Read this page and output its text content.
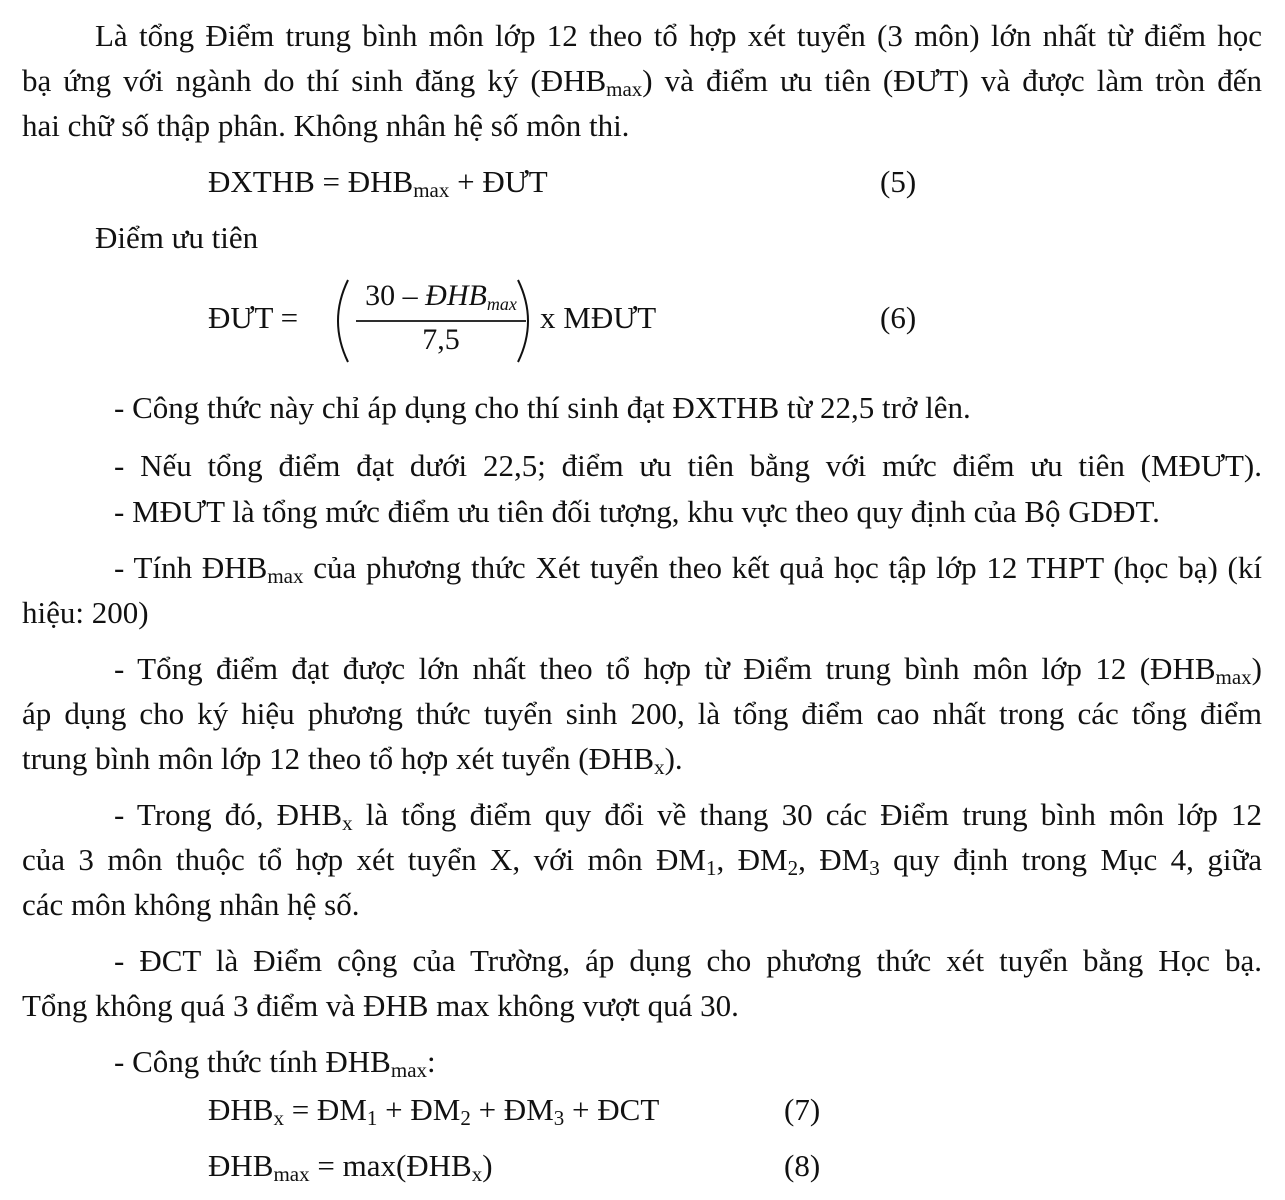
Là tổng Điểm trung bình môn lớp 12 theo tổ hợp xét tuyển (3 môn) lớn nhất từ điểm học
bạ ứng với ngành do thí sinh đăng ký $(ĐHB_{max})$ và điểm ưu tiên (ĐƯT) và được làm tròn đến
hai chữ số thập phân. Không nhân hệ số môn thi.
ĐXTHB = $ĐHB_{max}$ + ĐƯT	(5)
Điểm ưu tiên
ĐƯT =
$30 - ĐHB_{max}$
7,5
x MĐƯT	(6)
- Công thức này chỉ áp dụng cho thí sinh đạt ĐXTHB từ 22,5 trở lên.
- Nếu tổng điểm đạt dưới 22,5; điểm ưu tiên bằng với mức điểm ưu tiên (MĐƯT).
- MĐƯT là tổng mức điểm ưu tiên đối tượng, khu vực theo quy định của Bộ GDĐT.
- Tính $ĐHB_{max}$ của phương thức Xét tuyển theo kết quả học tập lớp 12 THPT (học bạ) (kí
hiệu: 200)
- Tổng điểm đạt được lớn nhất theo tổ hợp từ Điểm trung bình môn lớp 12 $(ĐHB_{max})$
áp dụng cho ký hiệu phương thức tuyển sinh 200, là tổng điểm cao nhất trong các tổng điểm
trung bình môn lớp 12 theo tổ hợp xét tuyển $(ĐHB_x)$.
- Trong đó, $ĐHB_x$ là tổng điểm quy đổi về thang 30 các Điểm trung bình môn lớp 12
của 3 môn thuộc tổ hợp xét tuyển X, với môn $ĐM_1$, $ĐM_2$, $ĐM_3$ quy định trong Mục 4, giữa
các môn không nhân hệ số.
- ĐCT là Điểm cộng của Trường, áp dụng cho phương thức xét tuyển bằng Học bạ.
Tổng không quá 3 điểm và ĐHB max không vượt quá 30.
- Công thức tính $ĐHB_{max}$:
$ĐHB_x$ = $ĐM_1$ + $ĐM_2$ + $ĐM_3$ + ĐCT	(7)
$ĐHB_{max}$ = $\max(ĐHB_x)$	(8)
